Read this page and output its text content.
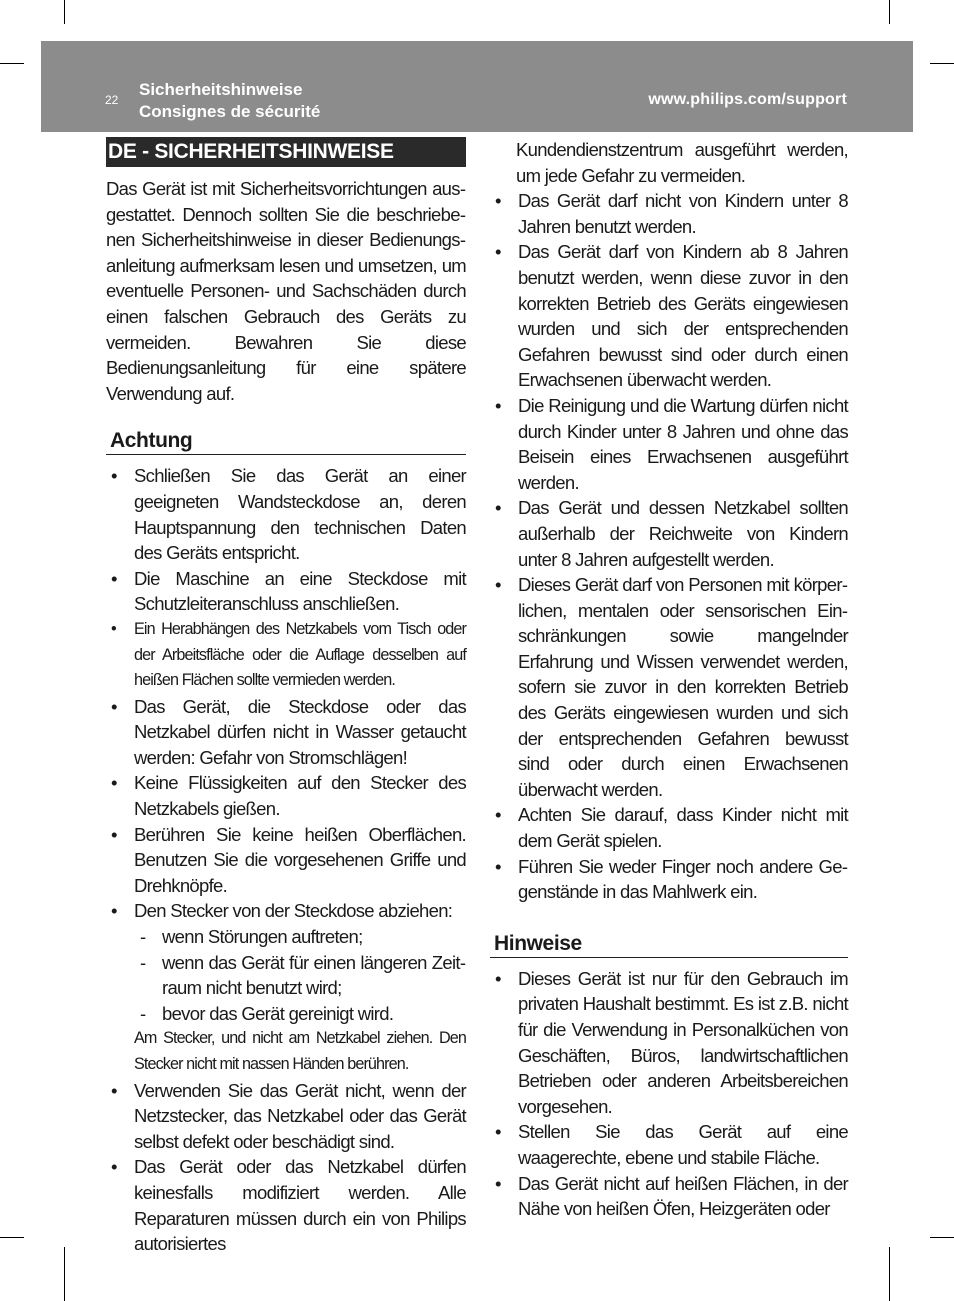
22
Sicherheitshinweise
Consignes de sécurité
www.philips.com/support
DE - SICHERHEITSHINWEISE

Das Gerät ist mit Sicherheitsvorrichtungen ausgestattet. Dennoch sollten Sie die beschriebenen Sicherheitshinweise in dieser Bedienungsanleitung aufmerksam lesen und umsetzen, um eventuelle Personen- und Sachschäden durch einen falschen Gebrauch des Geräts zu vermeiden. Bewahren Sie diese Bedienungsanleitung für eine spätere Verwendung auf.

Achtung
• Schließen Sie das Gerät an einer geeigneten Wandsteckdose an, deren Hauptspannung den technischen Daten des Geräts entspricht.
• Die Maschine an eine Steckdose mit Schutzleiteranschluss anschließen.
• Ein Herabhängen des Netzkabels vom Tisch oder der Arbeitsfläche oder die Auflage desselben auf heißen Flächen sollte vermieden werden.
• Das Gerät, die Steckdose oder das Netzkabel dürfen nicht in Wasser getaucht werden: Gefahr von Stromschlägen!
• Keine Flüssigkeiten auf den Stecker des Netzkabels gießen.
• Berühren Sie keine heißen Oberflächen. Benutzen Sie die vorgesehenen Griffe und Drehknöpfe.
• Den Stecker von der Steckdose abziehen:
- wenn Störungen auftreten;
- wenn das Gerät für einen längeren Zeitraum nicht benutzt wird;
- bevor das Gerät gereinigt wird.
Am Stecker, und nicht am Netzkabel ziehen. Den Stecker nicht mit nassen Händen berühren.
• Verwenden Sie das Gerät nicht, wenn der Netzstecker, das Netzkabel oder das Gerät selbst defekt oder beschädigt sind.
• Das Gerät oder das Netzkabel dürfen keinesfalls modifiziert werden. Alle Reparaturen müssen durch ein von Philips autorisiertes

Kundendienstzentrum ausgeführt werden, um jede Gefahr zu vermeiden.

• Das Gerät darf nicht von Kindern unter 8 Jahren benutzt werden.
• Das Gerät darf von Kindern ab 8 Jahren benutzt werden, wenn diese zuvor in den korrekten Betrieb des Geräts eingewiesen wurden und sich der entsprechenden Gefahren bewusst sind oder durch einen Erwachsenen überwacht werden.
• Die Reinigung und die Wartung dürfen nicht durch Kinder unter 8 Jahren und ohne das Beisein eines Erwachsenen ausgeführt werden.
• Das Gerät und dessen Netzkabel sollten außerhalb der Reichweite von Kindern unter 8 Jahren aufgestellt werden.
• Dieses Gerät darf von Personen mit körperlichen, mentalen oder sensorischen Einschränkungen sowie mangelnder Erfahrung und Wissen verwendet werden, sofern sie zuvor in den korrekten Betrieb des Geräts eingewiesen wurden und sich der entsprechenden Gefahren bewusst sind oder durch einen Erwachsenen überwacht werden.
• Achten Sie darauf, dass Kinder nicht mit dem Gerät spielen.
• Führen Sie weder Finger noch andere Gegenstände in das Mahlwerk ein.
Hinweise
• Dieses Gerät ist nur für den Gebrauch im privaten Haushalt bestimmt. Es ist z.B. nicht für die Verwendung in Personalküchen von Geschäften, Büros, landwirtschaftlichen Betrieben oder anderen Arbeitsbereichen vorgesehen.
• Stellen Sie das Gerät auf eine waagerechte, ebene und stabile Fläche.
• Das Gerät nicht auf heißen Flächen, in der Nähe von heißen Öfen, Heizgeräten oder
